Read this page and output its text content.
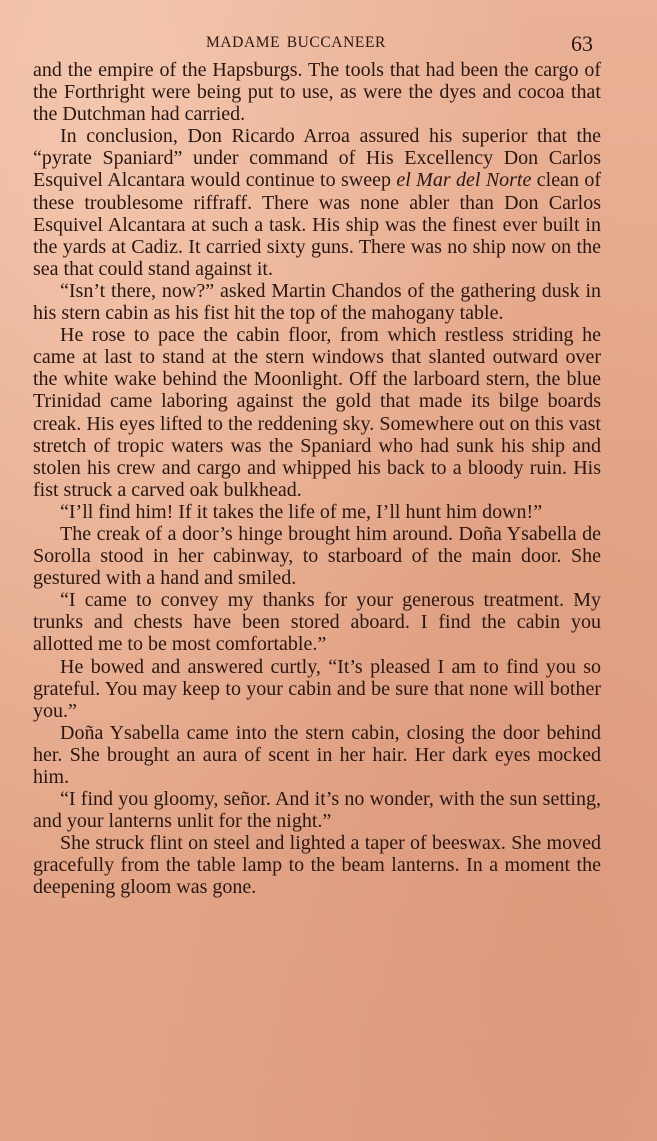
MADAME BUCCANEER	63

and the empire of the Hapsburgs. The tools that had been the cargo of the Forthright were being put to use, as were the dyes and cocoa that the Dutchman had carried.

In conclusion, Don Ricardo Arroa assured his superior that the “pyrate Spaniard” under command of His Excellency Don Carlos Esquivel Alcantara would continue to sweep el Mar del Norte clean of these troublesome riffraff. There was none abler than Don Carlos Esquivel Alcantara at such a task. His ship was the finest ever built in the yards at Cadiz. It carried sixty guns. There was no ship now on the sea that could stand against it.

“Isn’t there, now?” asked Martin Chandos of the gathering dusk in his stern cabin as his fist hit the top of the mahogany table.

He rose to pace the cabin floor, from which restless striding he came at last to stand at the stern windows that slanted outward over the white wake behind the Moonlight. Off the larboard stern, the blue Trinidad came laboring against the gold that made its bilge boards creak. His eyes lifted to the reddening sky. Somewhere out on this vast stretch of tropic waters was the Spaniard who had sunk his ship and stolen his crew and cargo and whipped his back to a bloody ruin. His fist struck a carved oak bulkhead.

“I’ll find him! If it takes the life of me, I’ll hunt him down!”

The creak of a door’s hinge brought him around. Doña Ysabella de Sorolla stood in her cabinway, to starboard of the main door. She gestured with a hand and smiled.

“I came to convey my thanks for your generous treatment. My trunks and chests have been stored aboard. I find the cabin you allotted me to be most comfortable.”

He bowed and answered curtly, “It’s pleased I am to find you so grateful. You may keep to your cabin and be sure that none will bother you.”

Doña Ysabella came into the stern cabin, closing the door behind her. She brought an aura of scent in her hair. Her dark eyes mocked him.

“I find you gloomy, señor. And it’s no wonder, with the sun setting, and your lanterns unlit for the night.”

She struck flint on steel and lighted a taper of beeswax. She moved gracefully from the table lamp to the beam lanterns. In a moment the deepening gloom was gone.
